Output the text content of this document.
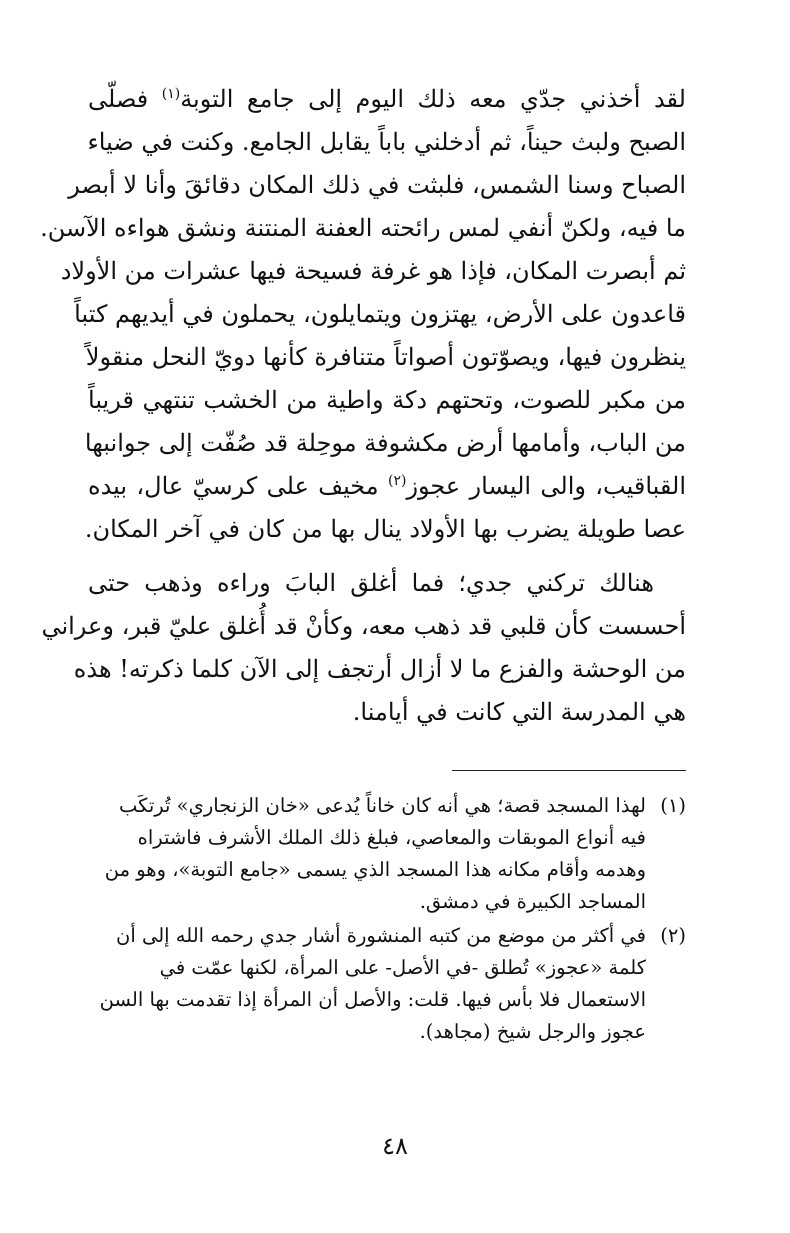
لقد أخذني جدّي معه ذلك اليوم إلى جامع التوبة$^{(١)}$ فصلّى
الصبح ولبث حيناً، ثم أدخلني باباً يقابل الجامع. وكنت في ضياء
الصباح وسنا الشمس، فلبثت في ذلك المكان دقائقَ وأنا لا أبصر
ما فيه، ولكنّ أنفي لمس رائحته العفنة المنتنة ونشق هواءه الآسن.
ثم أبصرت المكان، فإذا هو غرفة فسيحة فيها عشرات من الأولاد
قاعدون على الأرض، يهتزون ويتمايلون، يحملون في أيديهم كتباً
ينظرون فيها، ويصوّتون أصواتاً متنافرة كأنها دويّ النحل منقولاً
من مكبر للصوت، وتحتهم دكة واطية من الخشب تنتهي قريباً
من الباب، وأمامها أرض مكشوفة موحِلة قد صُفّت إلى جوانبها
القباقيب، والى اليسار عجوز$^{(٢)}$ مخيف على كرسيّ عال، بيده
عصا طويلة يضرب بها الأولاد ينال بها من كان في آخر المكان.
هنالك تركني جدي؛ فما أغلق البابَ وراءه وذهب حتى
أحسست كأن قلبي قد ذهب معه، وكأنْ قد أُغلق عليّ قبر، وعراني
من الوحشة والفزع ما لا أزال أرتجف إلى الآن كلما ذكرته! هذه
هي المدرسة التي كانت في أيامنا.
(١)
لهذا المسجد قصة؛ هي أنه كان خاناً يُدعى «خان الزنجاري» تُرتكَب فيه أنواع الموبقات والمعاصي، فبلغ ذلك الملك الأشرف فاشتراه وهدمه وأقام مكانه هذا المسجد الذي يسمى «جامع التوبة»، وهو من المساجد الكبيرة في دمشق.
(٢)
في أكثر من موضع من كتبه المنشورة أشار جدي رحمه الله إلى أن كلمة «عجوز» تُطلق -في الأصل- على المرأة، لكنها عمّت في الاستعمال فلا بأس فيها. قلت: والأصل أن المرأة إذا تقدمت بها السن عجوز والرجل شيخ (مجاهد).
٤٨
